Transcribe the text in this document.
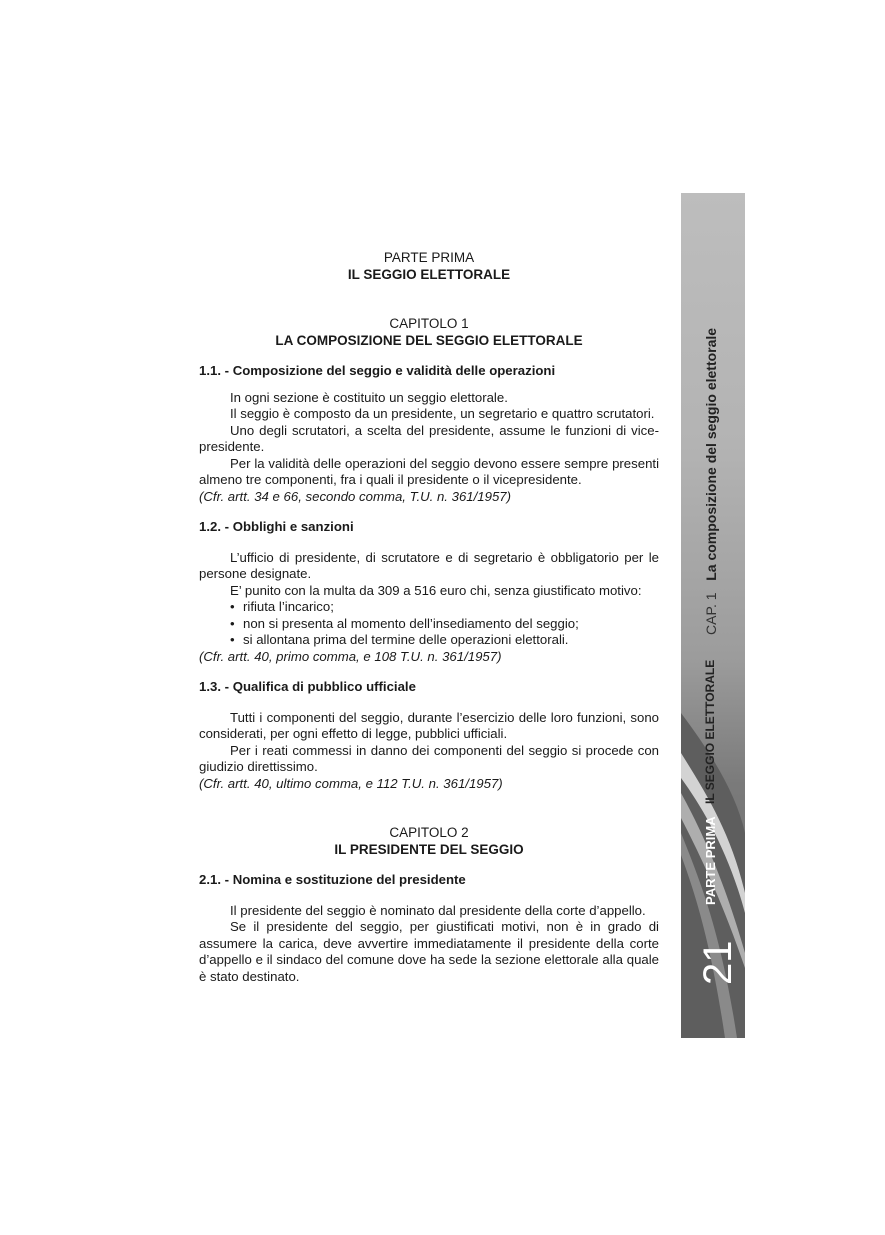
PARTE PRIMA
IL SEGGIO ELETTORALE
CAPITOLO 1
LA COMPOSIZIONE DEL SEGGIO ELETTORALE
1.1. - Composizione del seggio e validità delle operazioni

In ogni sezione è costituito un seggio elettorale.

Il seggio è composto da un presidente, un segretario e quattro scrutatori.

Uno degli scrutatori, a scelta del presidente, assume le funzioni di vice-presidente.

Per la validità delle operazioni del seggio devono essere sempre presenti almeno tre componenti, fra i quali il presidente o il vicepresidente.

(Cfr. artt. 34 e 66, secondo comma, T.U. n. 361/1957)

1.2. - Obblighi e sanzioni

L’ufficio di presidente, di scrutatore e di segretario è obbligatorio per le persone designate.

E’ punito con la multa da 309 a 516 euro chi, senza giustificato motivo:

• rifiuta l’incarico;
• non si presenta al momento dell’insediamento del seggio;
• si allontana prima del termine delle operazioni elettorali.

(Cfr. artt. 40, primo comma, e 108 T.U. n. 361/1957)

1.3. - Qualifica di pubblico ufficiale

Tutti i componenti del seggio, durante l’esercizio delle loro funzioni, sono considerati, per ogni effetto di legge, pubblici ufficiali.

Per i reati commessi in danno dei componenti del seggio si procede con giudizio direttissimo.

(Cfr. artt. 40, ultimo comma, e 112 T.U. n. 361/1957)

CAPITOLO 2
IL PRESIDENTE DEL SEGGIO
2.1. - Nomina e sostituzione del presidente

Il presidente del seggio è nominato dal presidente della corte d’appello.

Se il presidente del seggio, per giustificati motivi, non è in grado di assumere la carica, deve avvertire immediatamente il presidente della corte d’appello e il sindaco del comune dove ha sede la sezione elettorale alla quale è stato destinato.

CAP. 1   La composizione del seggio elettorale
IL SEGGIO ELETTORALE
PARTE PRIMA
21
